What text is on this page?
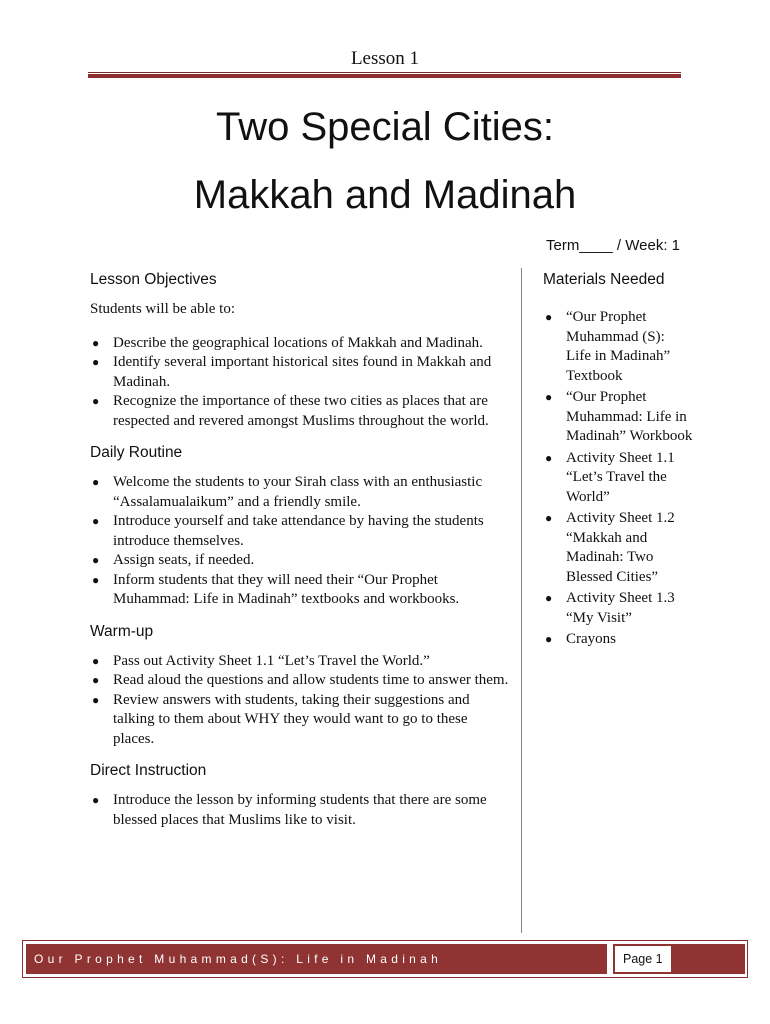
Lesson 1
Two Special Cities:
Makkah and Madinah
Term____ / Week: 1
Lesson Objectives

Students will be able to:

● Describe the geographical locations of Makkah and Madinah.
● Identify several important historical sites found in Makkah and Madinah.
● Recognize the importance of these two cities as places that are respected and revered amongst Muslims throughout the world.
Daily Routine
● Welcome the students to your Sirah class with an enthusiastic “Assalamualaikum” and a friendly smile.
● Introduce yourself and take attendance by having the students introduce themselves.
● Assign seats, if needed.
● Inform students that they will need their “Our Prophet Muhammad: Life in Madinah” textbooks and workbooks.
Warm-up
● Pass out Activity Sheet 1.1 “Let’s Travel the World.”
● Read aloud the questions and allow students time to answer them.
● Review answers with students, taking their suggestions and talking to them about WHY they would want to go to these places.
Direct Instruction
● Introduce the lesson by informing students that there are some blessed places that Muslims like to visit.
Materials Needed
● “Our Prophet Muhammad (S): Life in Madinah” Textbook
● “Our Prophet Muhammad: Life in Madinah” Workbook
● Activity Sheet 1.1 “Let’s Travel the World”
● Activity Sheet 1.2 “Makkah and Madinah: Two Blessed Cities”
● Activity Sheet 1.3 “My Visit”
● Crayons
Our Prophet Muhammad(S): Life in Madinah	Page 1
